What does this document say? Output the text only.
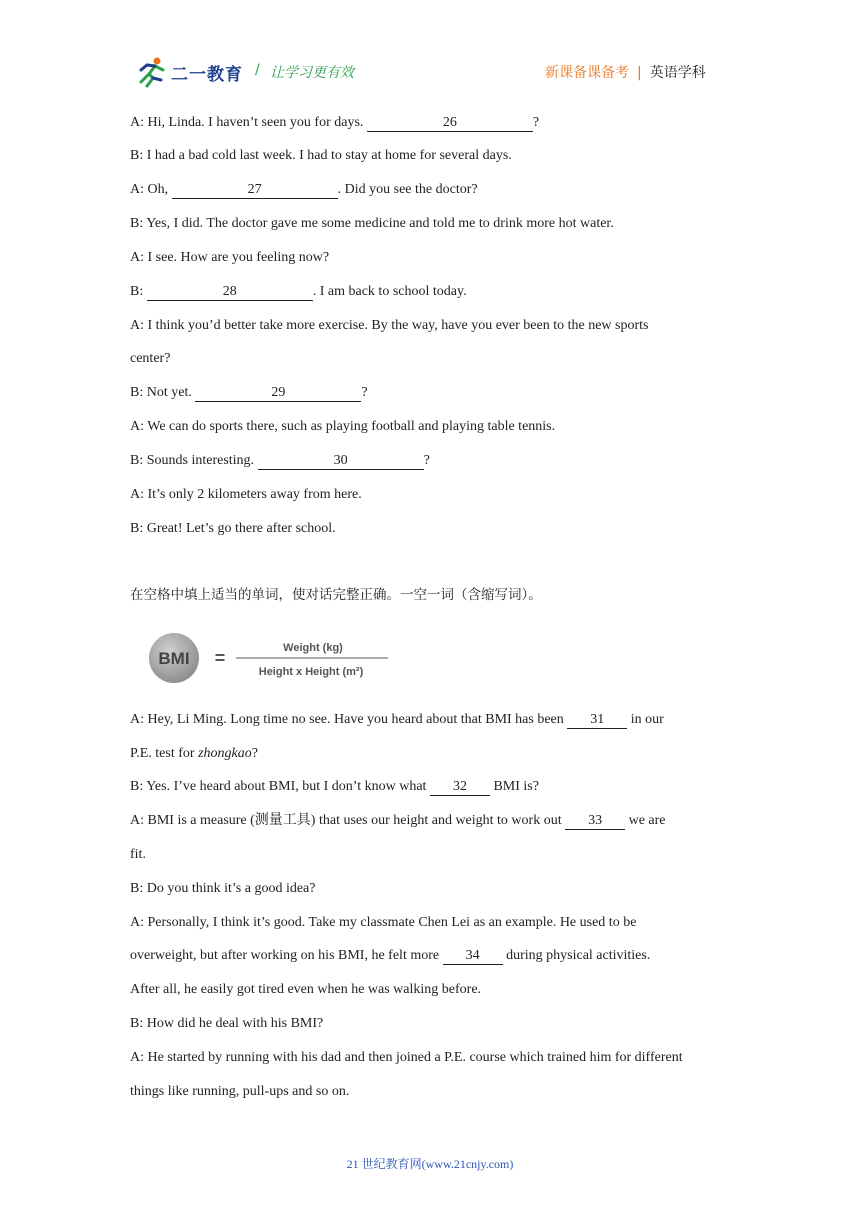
二一教育 / 让学习更有效	新课备课备考 | 英语学科
A: Hi, Linda. I haven’t seen you for days.	26	?
B: I had a bad cold last week. I had to stay at home for several days.
A: Oh,	27	. Did you see the doctor?
B: Yes, I did. The doctor gave me some medicine and told me to drink more hot water.
A: I see. How are you feeling now?
B:	28	. I am back to school today.
A: I think you’d better take more exercise. By the way, have you ever been to the new sports
center?
B: Not yet.	29	?
A: We can do sports there, such as playing football and playing table tennis.
B: Sounds interesting.	30	?
A: It’s only 2 kilometers away from here.
B: Great! Let’s go there after school.
在空格中填上适当的单词，使对话完整正确。一空一词（含缩写词）。
BMI =	Weight (kg)
Height x Height (m²)
A: Hey, Li Ming. Long time no see. Have you heard about that BMI has been 31 in our
P.E. test for zhongkao?
B: Yes. I’ve heard about BMI, but I don’t know what 32 BMI is?
A: BMI is a measure (测量工具) that uses our height and weight to work out 33 we are
fit.
B: Do you think it’s a good idea?
A: Personally, I think it’s good. Take my classmate Chen Lei as an example. He used to be
overweight, but after working on his BMI, he felt more 34 during physical activities.
After all, he easily got tired even when he was walking before.
B: How did he deal with his BMI?
A: He started by running with his dad and then joined a P.E. course which trained him for different
things like running, pull-ups and so on.
21 世纪教育网(www.21cnjy.com)
